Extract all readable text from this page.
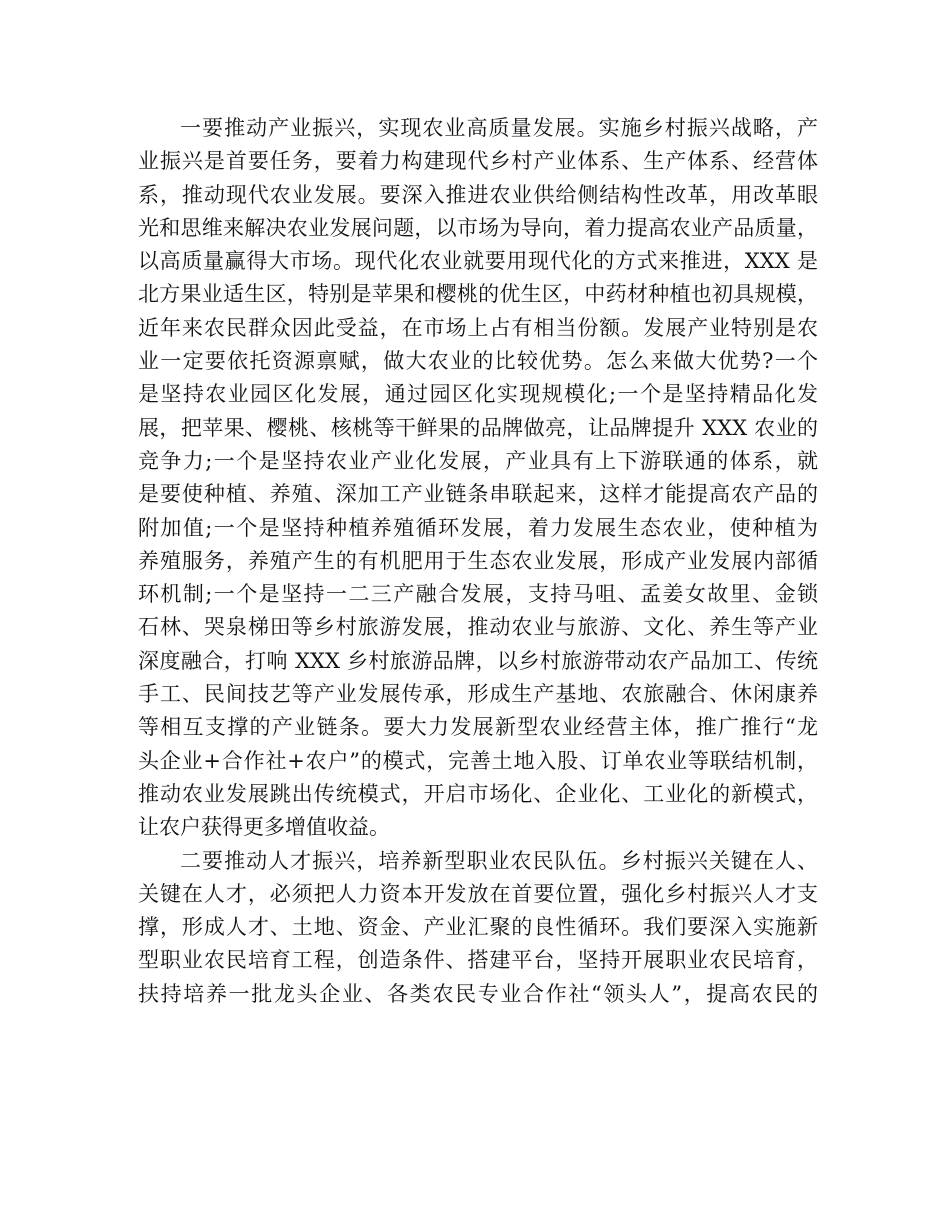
一要推动产业振兴，实现农业高质量发展。实施乡村振兴战略，产
业振兴是首要任务，要着力构建现代乡村产业体系、生产体系、经营体
系，推动现代农业发展。要深入推进农业供给侧结构性改革，用改革眼
光和思维来解决农业发展问题，以市场为导向，着力提高农业产品质量，
以高质量赢得大市场。现代化农业就要用现代化的方式来推进，XXX 是
北方果业适生区，特别是苹果和樱桃的优生区，中药材种植也初具规模，
近年来农民群众因此受益，在市场上占有相当份额。发展产业特别是农
业一定要依托资源禀赋，做大农业的比较优势。怎么来做大优势?一个
是坚持农业园区化发展，通过园区化实现规模化;一个是坚持精品化发
展，把苹果、樱桃、核桃等干鲜果的品牌做亮，让品牌提升 XXX 农业的
竞争力;一个是坚持农业产业化发展，产业具有上下游联通的体系，就
是要使种植、养殖、深加工产业链条串联起来，这样才能提高农产品的
附加值;一个是坚持种植养殖循环发展，着力发展生态农业，使种植为
养殖服务，养殖产生的有机肥用于生态农业发展，形成产业发展内部循
环机制;一个是坚持一二三产融合发展，支持马咀、孟姜女故里、金锁
石林、哭泉梯田等乡村旅游发展，推动农业与旅游、文化、养生等产业
深度融合，打响 XXX 乡村旅游品牌，以乡村旅游带动农产品加工、传统
手工、民间技艺等产业发展传承，形成生产基地、农旅融合、休闲康养
等相互支撑的产业链条。要大力发展新型农业经营主体，推广推行“龙
头企业+合作社+农户”的模式，完善土地入股、订单农业等联结机制，
推动农业发展跳出传统模式，开启市场化、企业化、工业化的新模式，
让农户获得更多增值收益。
二要推动人才振兴，培养新型职业农民队伍。乡村振兴关键在人、
关键在人才，必须把人力资本开发放在首要位置，强化乡村振兴人才支
撑，形成人才、土地、资金、产业汇聚的良性循环。我们要深入实施新
型职业农民培育工程，创造条件、搭建平台，坚持开展职业农民培育，
扶持培养一批龙头企业、各类农民专业合作社“领头人”，提高农民的
